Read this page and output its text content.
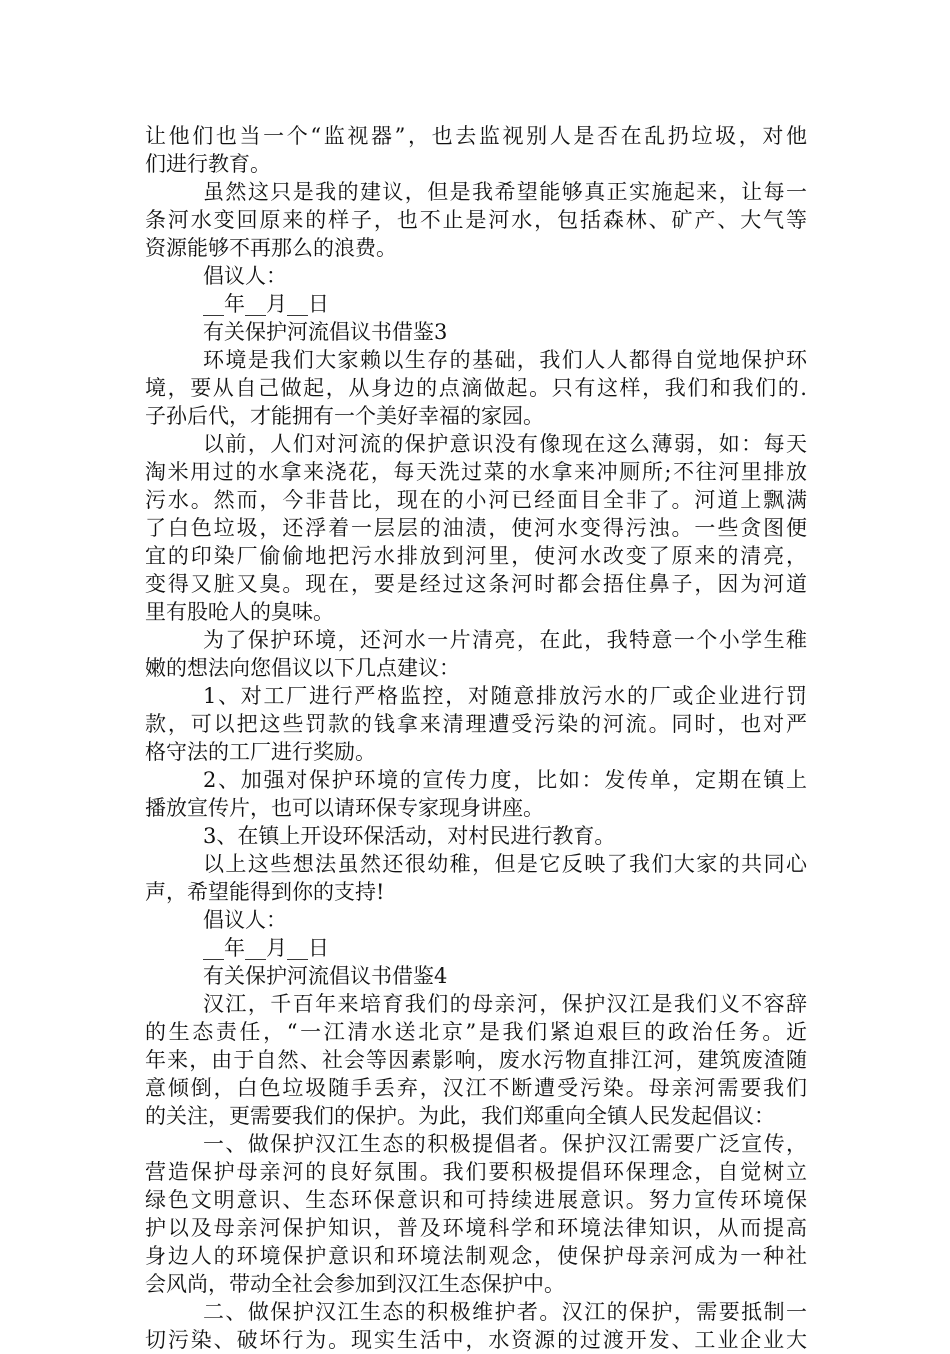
让他们也当一个“监视器”，也去监视别人是否在乱扔垃圾，对他
们进行教育。
虽然这只是我的建议，但是我希望能够真正实施起来，让每一
条河水变回原来的样子，也不止是河水，包括森林、矿产、大气等
资源能够不再那么的浪费。
倡议人：
__年__月__日
有关保护河流倡议书借鉴3
环境是我们大家赖以生存的基础，我们人人都得自觉地保护环
境，要从自己做起，从身边的点滴做起。只有这样，我们和我们的.
子孙后代，才能拥有一个美好幸福的家园。
以前，人们对河流的保护意识没有像现在这么薄弱，如：每天
淘米用过的水拿来浇花，每天洗过菜的水拿来冲厕所;不往河里排放
污水。然而，今非昔比，现在的小河已经面目全非了。河道上飘满
了白色垃圾，还浮着一层层的油渍，使河水变得污浊。一些贪图便
宜的印染厂偷偷地把污水排放到河里，使河水改变了原来的清亮，
变得又脏又臭。现在，要是经过这条河时都会捂住鼻子，因为河道
里有股呛人的臭味。
为了保护环境，还河水一片清亮，在此，我特意一个小学生稚
嫩的想法向您倡议以下几点建议：
1、对工厂进行严格监控，对随意排放污水的厂或企业进行罚
款，可以把这些罚款的钱拿来清理遭受污染的河流。同时，也对严
格守法的工厂进行奖励。
2、加强对保护环境的宣传力度，比如：发传单，定期在镇上
播放宣传片，也可以请环保专家现身讲座。
3、在镇上开设环保活动，对村民进行教育。
以上这些想法虽然还很幼稚，但是它反映了我们大家的共同心
声，希望能得到你的支持!
倡议人：
__年__月__日
有关保护河流倡议书借鉴4
汉江，千百年来培育我们的母亲河，保护汉江是我们义不容辞
的生态责任，“一江清水送北京”是我们紧迫艰巨的政治任务。近
年来，由于自然、社会等因素影响，废水污物直排江河，建筑废渣随
意倾倒，白色垃圾随手丢弃，汉江不断遭受污染。母亲河需要我们
的关注，更需要我们的保护。为此，我们郑重向全镇人民发起倡议：
一、做保护汉江生态的积极提倡者。保护汉江需要广泛宣传，
营造保护母亲河的良好氛围。我们要积极提倡环保理念，自觉树立
绿色文明意识、生态环保意识和可持续进展意识。努力宣传环境保
护以及母亲河保护知识，普及环境科学和环境法律知识，从而提高
身边人的环境保护意识和环境法制观念，使保护母亲河成为一种社
会风尚，带动全社会参加到汉江生态保护中。
二、做保护汉江生态的积极维护者。汉江的保护，需要抵制一
切污染、破坏行为。现实生活中，水资源的过渡开发、工业企业大
